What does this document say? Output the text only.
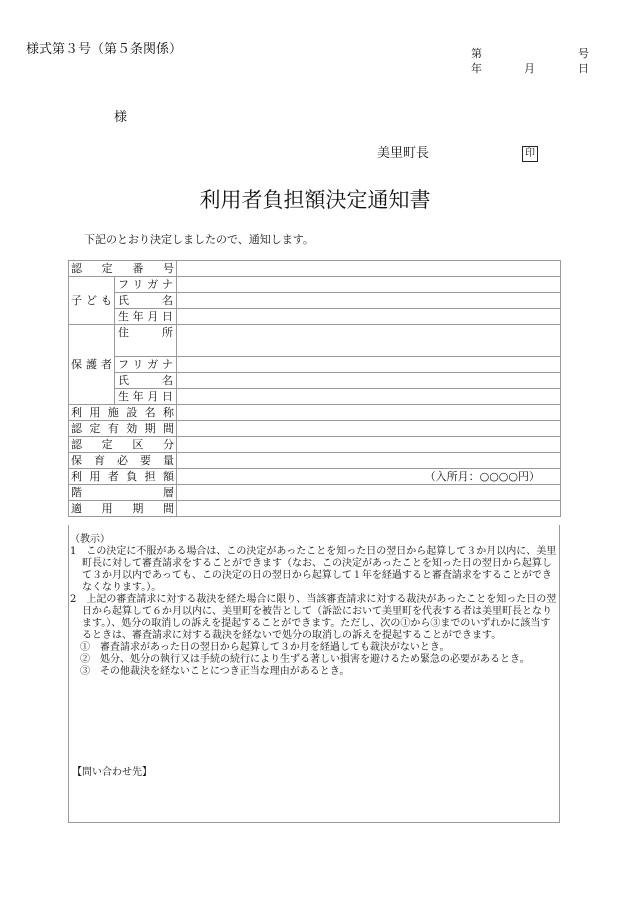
様式第３号（第５条関係）	第	号
年	月	日
様
美里町長	印
利用者負担額決定通知書
下記のとおり決定しましたので、通知します。
認定番号		
子ども	フリガナ	
	氏名	
	生年月日	
保護者	住所	
	フリガナ	
	氏名	
	生年月日	
利用施設名称		
認定有効期間		
認定区分		
保育必要量		
利用者負担額		（入所月：○○○○円）
階層		
適用期間		

（教示）

1　この決定に不服がある場合は、この決定があったことを知った日の翌日から起算して３か月以内に、美里町長に対して審査請求をすることができます（なお、この決定があったことを知った日の翌日から起算して３か月以内であっても、この決定の日の翌日から起算して１年を経過すると審査請求をすることができなくなります。）。

2　上記の審査請求に対する裁決を経た場合に限り、当該審査請求に対する裁決があったことを知った日の翌日から起算して６か月以内に、美里町を被告として（訴訟において美里町を代表する者は美里町長となります。）、処分の取消しの訴えを提起することができます。ただし、次の①から③までのいずれかに該当するときは、審査請求に対する裁決を経ないで処分の取消しの訴えを提起することができます。

①　審査請求があった日の翌日から起算して３か月を経過しても裁決がないとき。

②　処分、処分の執行又は手続の続行により生ずる著しい損害を避けるため緊急の必要があるとき。

③　その他裁決を経ないことにつき正当な理由があるとき。

【問い合わせ先】
